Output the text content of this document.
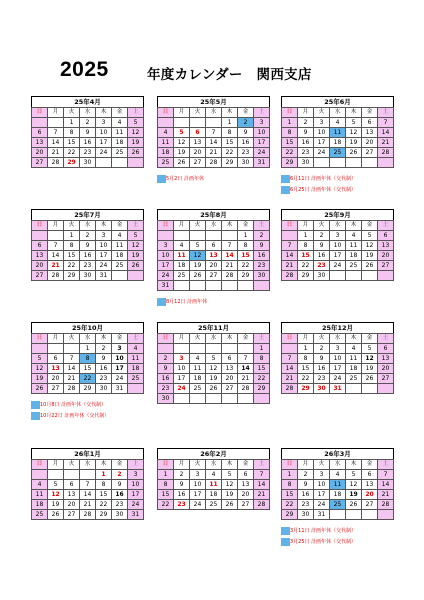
2025	年度カレンダー　関西支店
25年4月
日	月	火	水	木	金	土
		1	2	3	4	5
6	7	8	9	10	11	12
13	14	15	16	17	18	19
20	21	22	23	24	25	26
27	28	29	30			
25年5月
日	月	火	水	木	金	土
				1	2	3
4	5	6	7	8	9	10
11	12	13	14	15	16	17
18	19	20	21	22	23	24
25	26	27	28	29	30	31
5月2日 計画年休
25年6月
日	月	火	水	木	金	土
1	2	3	4	5	6	7
8	9	10	11	12	13	14
15	16	17	18	19	20	21
22	23	24	25	26	27	28
29	30					
6月11日 計画年休（交代制）
6月25日 計画年休（交代制）
25年7月
日	月	火	水	木	金	土
		1	2	3	4	5
6	7	8	9	10	11	12
13	14	15	16	17	18	19
20	21	22	23	24	25	26
27	28	29	30	31		
25年8月
日	月	火	水	木	金	土
					1	2
3	4	5	6	7	8	9
10	11	12	13	14	15	16
17	18	19	20	21	22	23
24	25	26	27	28	29	30
31						
8月12日 計画年休
25年9月
日	月	火	水	木	金	土
	1	2	3	4	5	6
7	8	9	10	11	12	13
14	15	16	17	18	19	20
21	22	23	24	25	26	27
28	29	30				
25年10月
日	月	火	水	木	金	土
			1	2	3	4
5	6	7	8	9	10	11
12	13	14	15	16	17	18
19	20	21	22	23	24	25
26	27	28	29	30	31	
10月8日 計画年休（交代制）
10月22日 計画年休（交代制）
25年11月
日	月	火	水	木	金	土
						1
2	3	4	5	6	7	8
9	10	11	12	13	14	15
16	17	18	19	20	21	22
23	24	25	26	27	28	29
30						
25年12月
日	月	火	水	木	金	土
	1	2	3	4	5	6
7	8	9	10	11	12	13
14	15	16	17	18	19	20
21	22	23	24	25	26	27
28	29	30	31			
26年1月
日	月	火	水	木	金	土
				1	2	3
4	5	6	7	8	9	10
11	12	13	14	15	16	17
18	19	20	21	22	23	24
25	26	27	28	29	30	31
26年2月
日	月	火	水	木	金	土
1	2	3	4	5	6	7
8	9	10	11	12	13	14
15	16	17	18	19	20	21
22	23	24	25	26	27	28
26年3月
日	月	火	水	木	金	土
1	2	3	4	5	6	7
8	9	10	11	12	13	14
15	16	17	18	19	20	21
22	23	24	25	26	27	28
29	30	31				
3月11日 計画年休（交代制）
3月25日 計画年休（交代制）
